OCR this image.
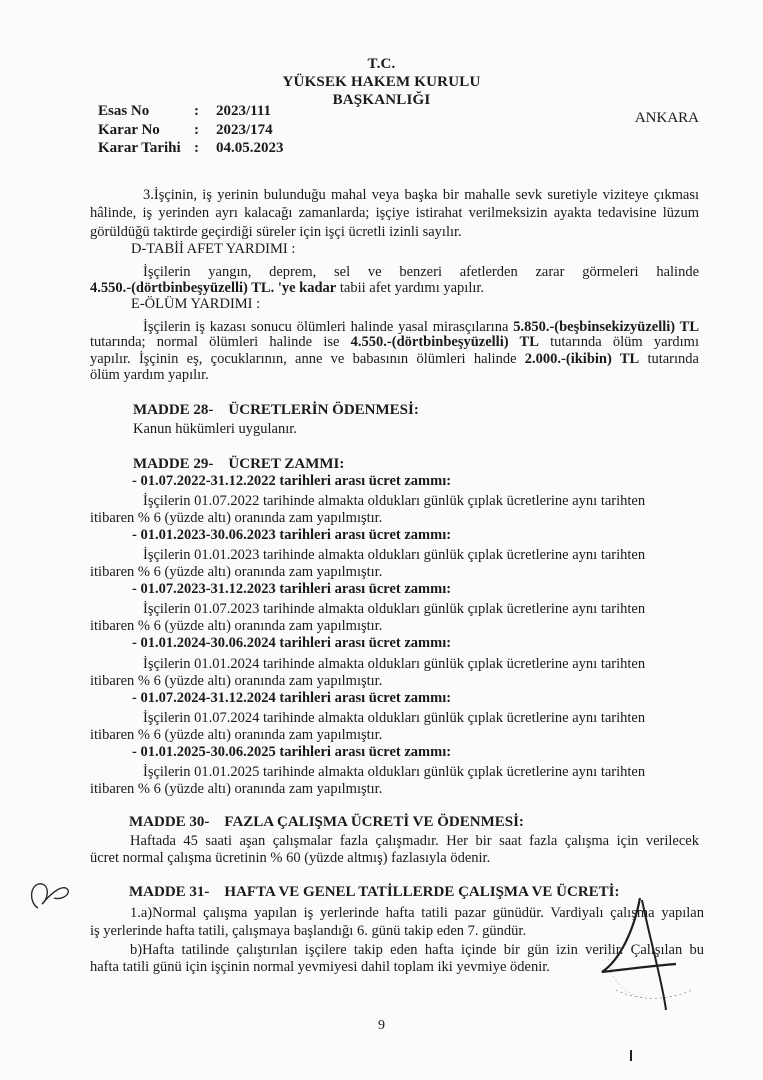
T.C.
YÜKSEK HAKEM KURULU
BAŞKANLIĞI
Esas No	: 2023/111
Karar No	: 2023/174
Karar Tarihi : 04.05.2023
ANKARA
3.İşçinin, iş yerinin bulunduğu mahal veya başka bir mahalle sevk suretiyle viziteye çıkması
hâlinde, iş yerinden ayrı kalacağı zamanlarda; işçiye istirahat verilmeksizin ayakta tedavisine lüzum
görüldüğü taktirde geçirdiği süreler için işçi ücretli izinli sayılır.
D-TABİİ AFET YARDIMI :
İşçilerin yangın, deprem, sel ve benzeri afetlerden zarar görmeleri halinde
4.550.-(dörtbinbeşyüzelli) TL. 'ye kadar tabii afet yardımı yapılır.
E-ÖLÜM YARDIMI :
İşçilerin iş kazası sonucu ölümleri halinde yasal mirasçılarına 5.850.-(beşbinsekizyüzelli) TL
tutarında; normal ölümleri halinde ise 4.550.-(dörtbinbeşyüzelli) TL tutarında ölüm yardımı
yapılır. İşçinin eş, çocuklarının, anne ve babasının ölümleri halinde 2.000.-(ikibin) TL tutarında
ölüm yardım yapılır.
MADDE 28-    ÜCRETLERİN ÖDENMESİ:
Kanun hükümleri uygulanır.
MADDE 29-    ÜCRET ZAMMI:
- 01.07.2022-31.12.2022 tarihleri arası ücret zammı:
İşçilerin 01.07.2022 tarihinde almakta oldukları günlük çıplak ücretlerine aynı tarihten
itibaren % 6 (yüzde altı) oranında zam yapılmıştır.
- 01.01.2023-30.06.2023 tarihleri arası ücret zammı:
İşçilerin 01.01.2023 tarihinde almakta oldukları günlük çıplak ücretlerine aynı tarihten
itibaren % 6 (yüzde altı) oranında zam yapılmıştır.
- 01.07.2023-31.12.2023 tarihleri arası ücret zammı:
İşçilerin 01.07.2023 tarihinde almakta oldukları günlük çıplak ücretlerine aynı tarihten
itibaren % 6 (yüzde altı) oranında zam yapılmıştır.
- 01.01.2024-30.06.2024 tarihleri arası ücret zammı:
İşçilerin 01.01.2024 tarihinde almakta oldukları günlük çıplak ücretlerine aynı tarihten
itibaren % 6 (yüzde altı) oranında zam yapılmıştır.
- 01.07.2024-31.12.2024 tarihleri arası ücret zammı:
İşçilerin 01.07.2024 tarihinde almakta oldukları günlük çıplak ücretlerine aynı tarihten
itibaren % 6 (yüzde altı) oranında zam yapılmıştır.
- 01.01.2025-30.06.2025 tarihleri arası ücret zammı:
İşçilerin 01.01.2025 tarihinde almakta oldukları günlük çıplak ücretlerine aynı tarihten
itibaren % 6 (yüzde altı) oranında zam yapılmıştır.
MADDE 30-    FAZLA ÇALIŞMA ÜCRETİ VE ÖDENMESİ:
Haftada 45 saati aşan çalışmalar fazla çalışmadır. Her bir saat fazla çalışma için verilecek
ücret normal çalışma ücretinin % 60 (yüzde altmış) fazlasıyla ödenir.
MADDE 31-    HAFTA VE GENEL TATİLLERDE ÇALIŞMA VE ÜCRETİ:
1.a)Normal çalışma yapılan iş yerlerinde hafta tatili pazar günüdür. Vardiyalı çalışma yapılan
iş yerlerinde hafta tatili, çalışmaya başlandığı 6. günü takip eden 7. gündür.
b)Hafta tatilinde çalıştırılan işçilere takip eden hafta içinde bir gün izin verilir. Çalışılan bu
hafta tatili günü için işçinin normal yevmiyesi dahil toplam iki yevmiye ödenir.
9
